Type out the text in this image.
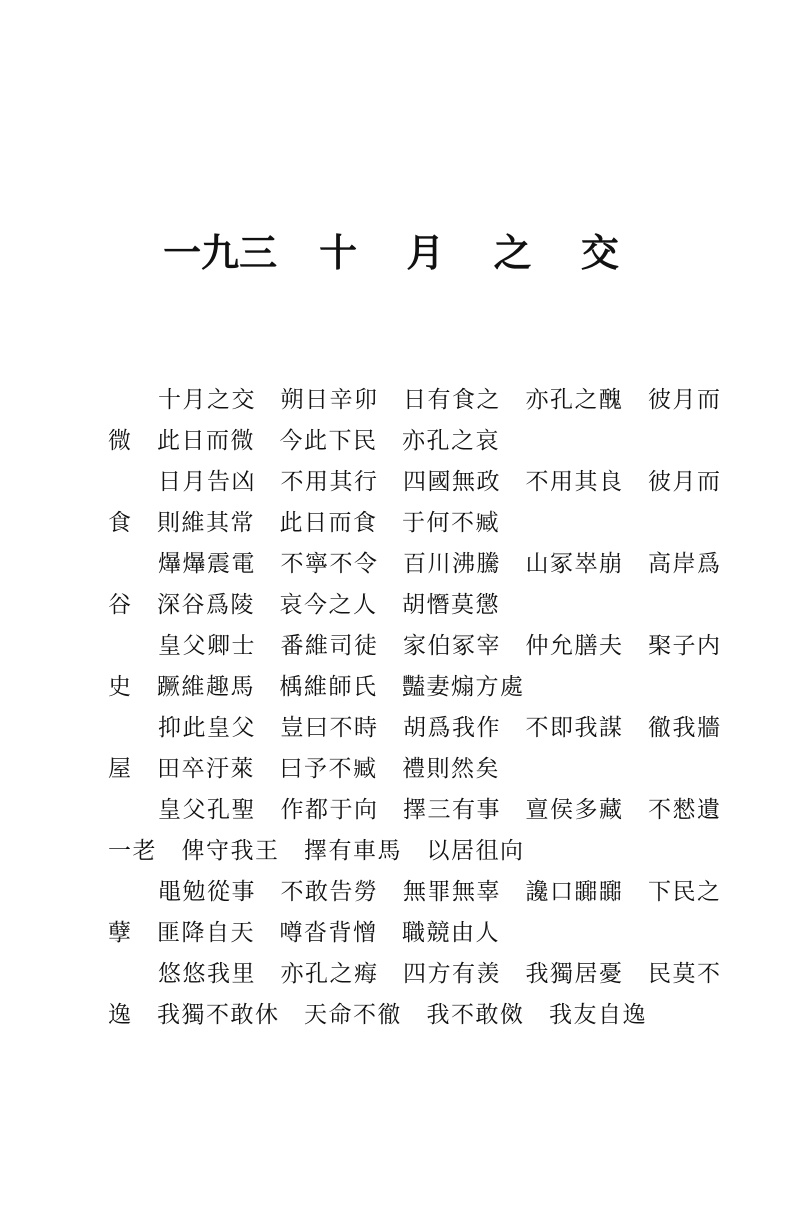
一九三 十 月 之 交
十月之交　朔日辛卯　日有食之　亦孔之醜　彼月而
微　此日而微　今此下民　亦孔之哀
日月告凶　不用其行　四國無政　不用其良　彼月而
食　則維其常　此日而食　于何不臧
爗爗震電　不寧不令　百川沸騰　山冢崒崩　高岸爲
谷　深谷爲陵　哀今之人　胡憯莫懲
皇父卿士　番維司徒　家伯冢宰　仲允膳夫　棸子内
史　蹶維趣馬　楀維師氏　豔妻煽方處
抑此皇父　豈曰不時　胡爲我作　不即我謀　徹我牆
屋　田卒汙萊　曰予不臧　禮則然矣
皇父孔聖　作都于向　擇三有事　亶侯多藏　不憖遺
一老　俾守我王　擇有車馬　以居徂向
黽勉從事　不敢告勞　無罪無辜　讒口嚻嚻　下民之
孽　匪降自天　噂沓背憎　職競由人
悠悠我里　亦孔之痗　四方有羡　我獨居憂　民莫不
逸　我獨不敢休　天命不徹　我不敢傚　我友自逸
